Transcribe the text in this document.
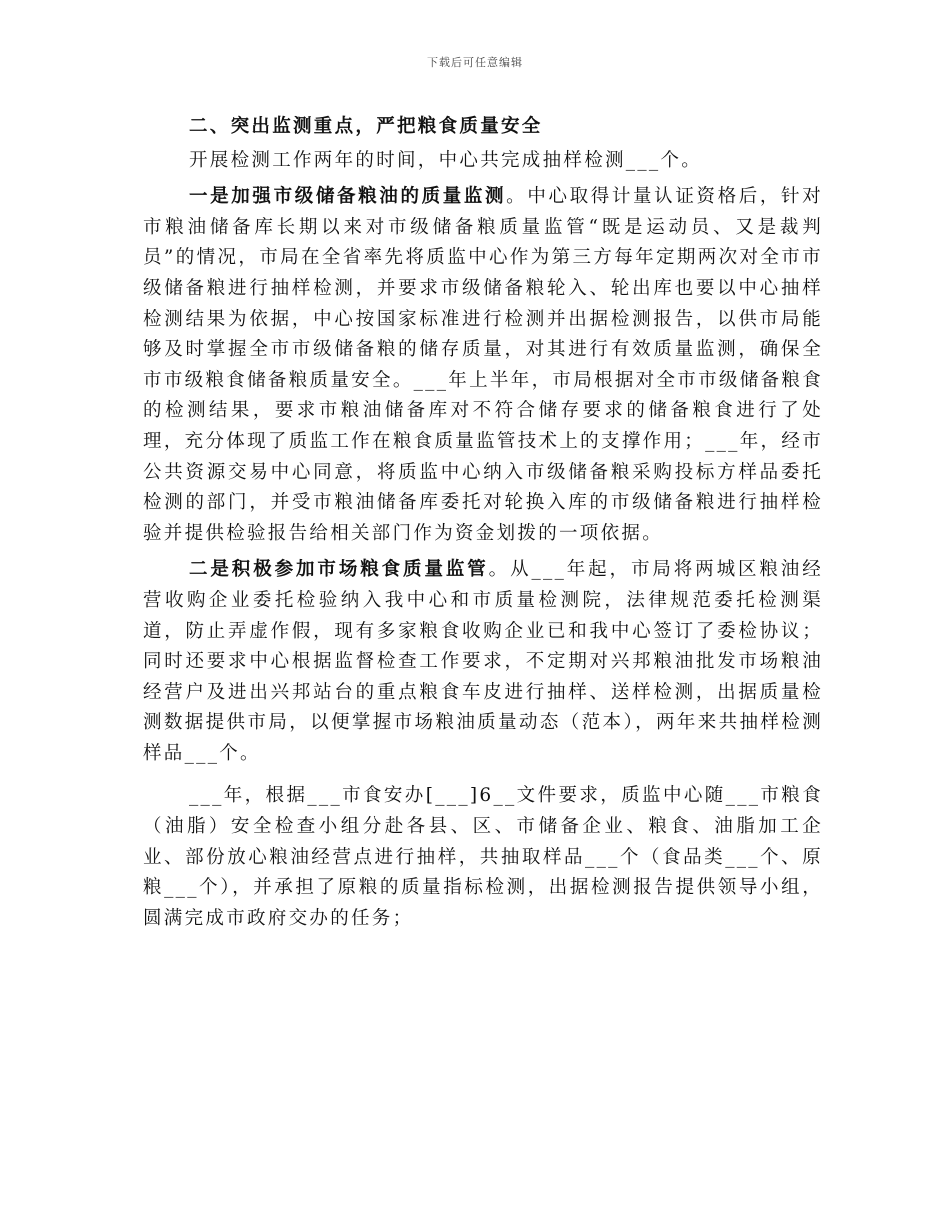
下载后可任意编辑

二、突出监测重点，严把粮食质量安全

开展检测工作两年的时间，中心共完成抽样检测___个。

一是加强市级储备粮油的质量监测。中心取得计量认证资格后，针对市粮油储备库长期以来对市级储备粮质量监管“既是运动员、又是裁判员”的情况，市局在全省率先将质监中心作为第三方每年定期两次对全市市级储备粮进行抽样检测，并要求市级储备粮轮入、轮出库也要以中心抽样检测结果为依据，中心按国家标准进行检测并出据检测报告，以供市局能够及时掌握全市市级储备粮的储存质量，对其进行有效质量监测，确保全市市级粮食储备粮质量安全。___年上半年，市局根据对全市市级储备粮食的检测结果，要求市粮油储备库对不符合储存要求的储备粮食进行了处理，充分体现了质监工作在粮食质量监管技术上的支撑作用；___年，经市公共资源交易中心同意，将质监中心纳入市级储备粮采购投标方样品委托检测的部门，并受市粮油储备库委托对轮换入库的市级储备粮进行抽样检验并提供检验报告给相关部门作为资金划拨的一项依据。

二是积极参加市场粮食质量监管。从___年起，市局将两城区粮油经营收购企业委托检验纳入我中心和市质量检测院，法律规范委托检测渠道，防止弄虚作假，现有多家粮食收购企业已和我中心签订了委检协议；同时还要求中心根据监督检查工作要求，不定期对兴邦粮油批发市场粮油经营户及进出兴邦站台的重点粮食车皮进行抽样、送样检测，出据质量检测数据提供市局，以便掌握市场粮油质量动态（范本），两年来共抽样检测样品___个。

___年，根据___市食安办[___]6__文件要求，质监中心随___市粮食（油脂）安全检查小组分赴各县、区、市储备企业、粮食、油脂加工企业、部份放心粮油经营点进行抽样，共抽取样品___个（食品类___个、原粮___个），并承担了原粮的质量指标检测，出据检测报告提供领导小组，圆满完成市政府交办的任务；
